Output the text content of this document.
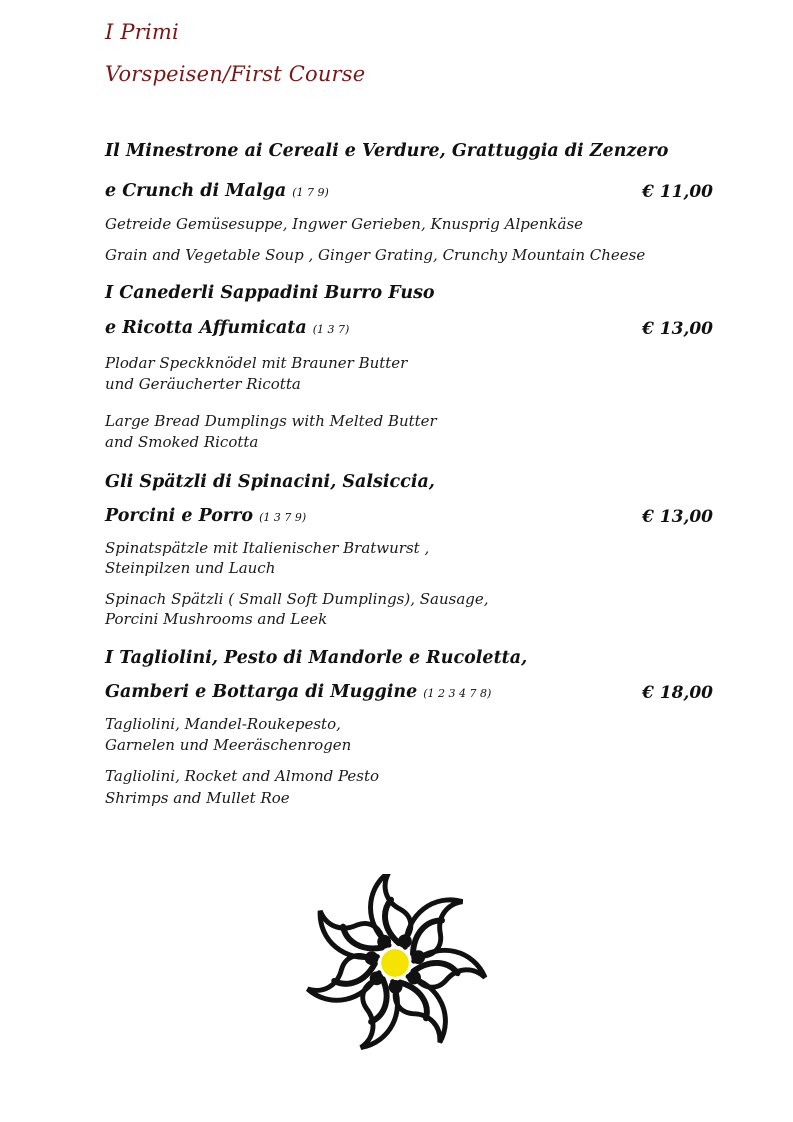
I Primi
Vorspeisen/First Course
Il Minestrone ai Cereali e Verdure, Grattuggia di Zenzero
e Crunch di Malga (1 7 9)	€ 11,00
Getreide Gemüsesuppe, Ingwer Gerieben, Knusprig Alpenkäse
Grain and Vegetable Soup , Ginger Grating, Crunchy Mountain Cheese
I Canederli Sappadini Burro Fuso
e Ricotta Affumicata (1 3 7)	€ 13,00
Plodar Speckknödel mit Brauner Butter
und Geräucherter Ricotta
Large Bread Dumplings with Melted Butter
and Smoked Ricotta
Gli Spätzli di Spinacini, Salsiccia,
Porcini e Porro (1 3 7 9)	€ 13,00
Spinatspätzle mit Italienischer Bratwurst ,
Steinpilzen und Lauch
Spinach Spätzli ( Small Soft Dumplings), Sausage,
Porcini Mushrooms and Leek
I Tagliolini, Pesto di Mandorle e Rucoletta,
Gamberi e Bottarga di Muggine (1 2 3 4 7 8)	€ 18,00
Tagliolini, Mandel-Roukepesto,
Garnelen und Meeräschenrogen
Tagliolini, Rocket and Almond Pesto
Shrimps and Mullet Roe
